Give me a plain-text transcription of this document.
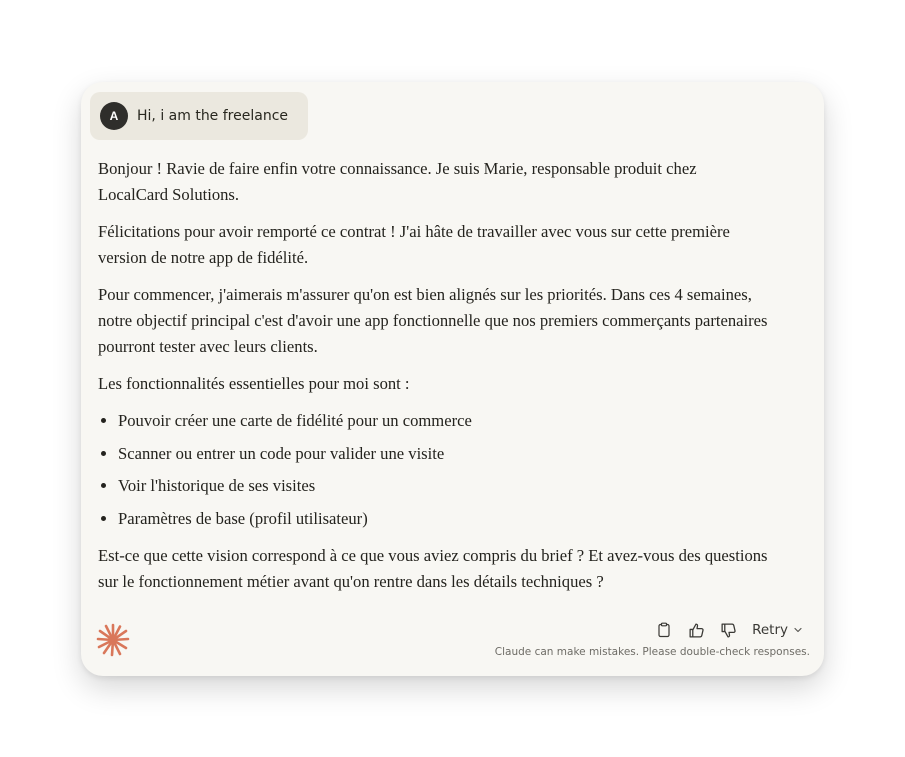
A	Hi, i am the freelance

Bonjour ! Ravie de faire enfin votre connaissance. Je suis Marie, responsable produit chez LocalCard Solutions.

Félicitations pour avoir remporté ce contrat ! J'ai hâte de travailler avec vous sur cette première version de notre app de fidélité.

Pour commencer, j'aimerais m'assurer qu'on est bien alignés sur les priorités. Dans ces 4 semaines, notre objectif principal c'est d'avoir une app fonctionnelle que nos premiers commerçants partenaires pourront tester avec leurs clients.

Les fonctionnalités essentielles pour moi sont :

• Pouvoir créer une carte de fidélité pour un commerce
• Scanner ou entrer un code pour valider une visite
• Voir l'historique de ses visites
• Paramètres de base (profil utilisateur)

Est-ce que cette vision correspond à ce que vous aviez compris du brief ? Et avez-vous des questions sur le fonctionnement métier avant qu'on rentre dans les détails techniques ?

Retry
Claude can make mistakes. Please double-check responses.
